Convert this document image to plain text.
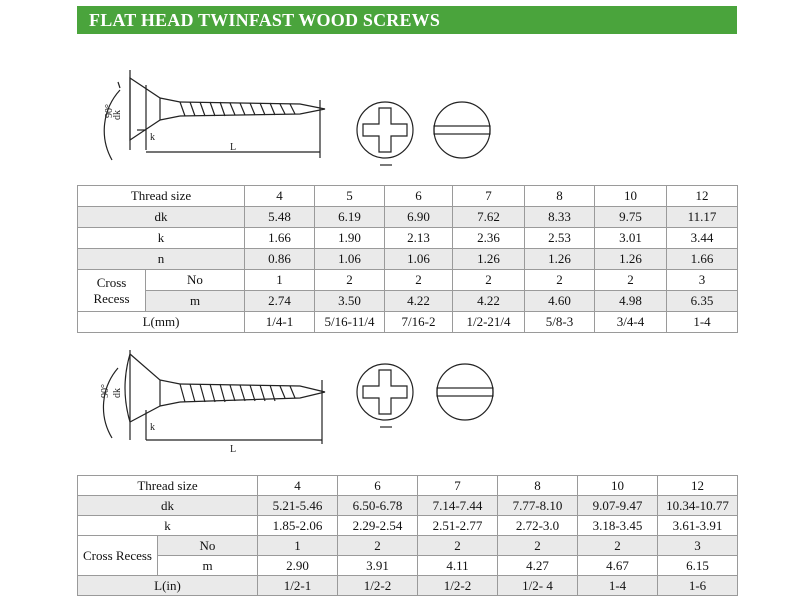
FLAT HEAD TWINFAST WOOD SCREWS
90°
dk
k
L
Thread size		4	5	6	7	8	10	12
dk		5.48	6.19	6.90	7.62	8.33	9.75	11.17
k		1.66	1.90	2.13	2.36	2.53	3.01	3.44
n		0.86	1.06	1.06	1.26	1.26	1.26	1.66
Cross Recess	No	1	2	2	2	2	2	3
	m	2.74	3.50	4.22	4.22	4.60	4.98	6.35
L(mm)		1/4-1	5/16-11/4	7/16-2	1/2-21/4	5/8-3	3/4-4	1-4
90° dk
k
L
Thread size		4	6	7	8	10	12
dk		5.21-5.46	6.50-6.78	7.14-7.44	7.77-8.10	9.07-9.47	10.34-10.77
k		1.85-2.06	2.29-2.54	2.51-2.77	2.72-3.0	3.18-3.45	3.61-3.91
Cross Recess	No	1	2	2	2	2	3
	m	2.90	3.91	4.11	4.27	4.67	6.15
L(in)		1/2-1	1/2-2	1/2-2	1/2- 4	1-4	1-6
